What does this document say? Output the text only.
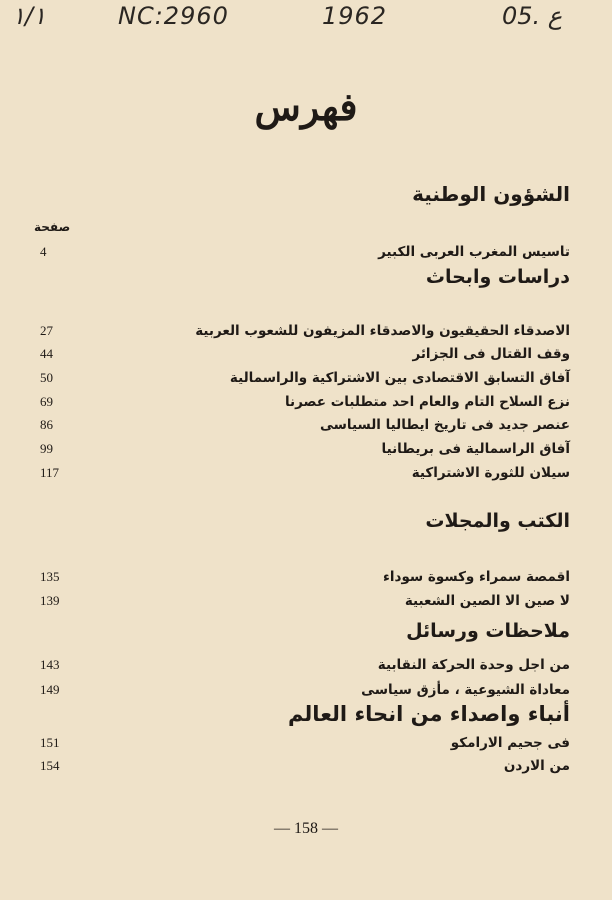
١/١	NC:2960	1962	05. ع
فهرس
الشؤون الوطنية
صفحة
4	تاسيس المغرب العربى الكبير
دراسات وابحاث
27	الاصدقاء الحقيقيون والاصدقاء المزيفون للشعوب العربية
44	وقف القتال فى الجزائر
50	آفاق التسابق الاقتصادى بين الاشتراكية والراسمالية
69	نزع السلاح التام والعام احد متطلبات عصرنا
86	عنصر جديد فى تاريخ ايطاليا السياسى
99	آفاق الراسمالية فى بريطانيا
117	سيلان للثورة الاشتراكية
الكتب والمجلات
135	اقمصة سمراء وكسوة سوداء
139	لا صين الا الصين الشعبية
ملاحظات ورسائل
143	من اجل وحدة الحركة النقابية
149	معاداة الشيوعية ، مأزق سياسى
أنباء واصداء من انحاء العالم
151	فى جحيم الارامكو
154	من الاردن
— 158 —
